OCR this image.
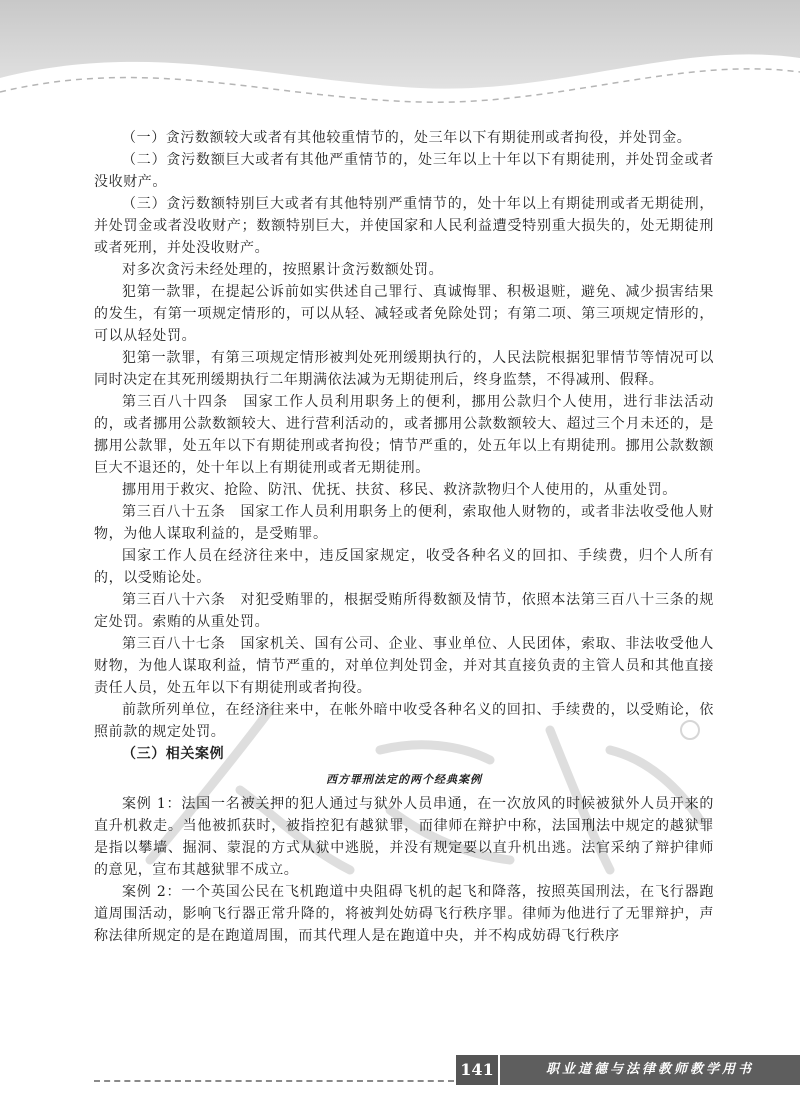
（一）贪污数额较大或者有其他较重情节的，处三年以下有期徒刑或者拘役，并处罚金。

（二）贪污数额巨大或者有其他严重情节的，处三年以上十年以下有期徒刑，并处罚金或者没收财产。

（三）贪污数额特别巨大或者有其他特别严重情节的，处十年以上有期徒刑或者无期徒刑，并处罚金或者没收财产；数额特别巨大，并使国家和人民利益遭受特别重大损失的，处无期徒刑或者死刑，并处没收财产。

对多次贪污未经处理的，按照累计贪污数额处罚。

犯第一款罪，在提起公诉前如实供述自己罪行、真诚悔罪、积极退赃，避免、减少损害结果的发生，有第一项规定情形的，可以从轻、减轻或者免除处罚；有第二项、第三项规定情形的，可以从轻处罚。

犯第一款罪，有第三项规定情形被判处死刑缓期执行的，人民法院根据犯罪情节等情况可以同时决定在其死刑缓期执行二年期满依法减为无期徒刑后，终身监禁，不得减刑、假释。

第三百八十四条　国家工作人员利用职务上的便利，挪用公款归个人使用，进行非法活动的，或者挪用公款数额较大、进行营利活动的，或者挪用公款数额较大、超过三个月未还的，是挪用公款罪，处五年以下有期徒刑或者拘役；情节严重的，处五年以上有期徒刑。挪用公款数额巨大不退还的，处十年以上有期徒刑或者无期徒刑。

挪用用于救灾、抢险、防汛、优抚、扶贫、移民、救济款物归个人使用的，从重处罚。

第三百八十五条　国家工作人员利用职务上的便利，索取他人财物的，或者非法收受他人财物，为他人谋取利益的，是受贿罪。

国家工作人员在经济往来中，违反国家规定，收受各种名义的回扣、手续费，归个人所有的，以受贿论处。

第三百八十六条　对犯受贿罪的，根据受贿所得数额及情节，依照本法第三百八十三条的规定处罚。索贿的从重处罚。

第三百八十七条　国家机关、国有公司、企业、事业单位、人民团体，索取、非法收受他人财物，为他人谋取利益，情节严重的，对单位判处罚金，并对其直接负责的主管人员和其他直接责任人员，处五年以下有期徒刑或者拘役。

前款所列单位，在经济往来中，在帐外暗中收受各种名义的回扣、手续费的，以受贿论，依照前款的规定处罚。

（三）相关案例

西方罪刑法定的两个经典案例

案例 1：法国一名被关押的犯人通过与狱外人员串通，在一次放风的时候被狱外人员开来的直升机救走。当他被抓获时，被指控犯有越狱罪，而律师在辩护中称，法国刑法中规定的越狱罪是指以攀墙、掘洞、蒙混的方式从狱中逃脱，并没有规定要以直升机出逃。法官采纳了辩护律师的意见，宣布其越狱罪不成立。

案例 2：一个英国公民在飞机跑道中央阻碍飞机的起飞和降落，按照英国刑法，在飞行器跑道周围活动，影响飞行器正常升降的，将被判处妨碍飞行秩序罪。律师为他进行了无罪辩护，声称法律所规定的是在跑道周围，而其代理人是在跑道中央，并不构成妨碍飞行秩序

141	职业道德与法律教师教学用书
